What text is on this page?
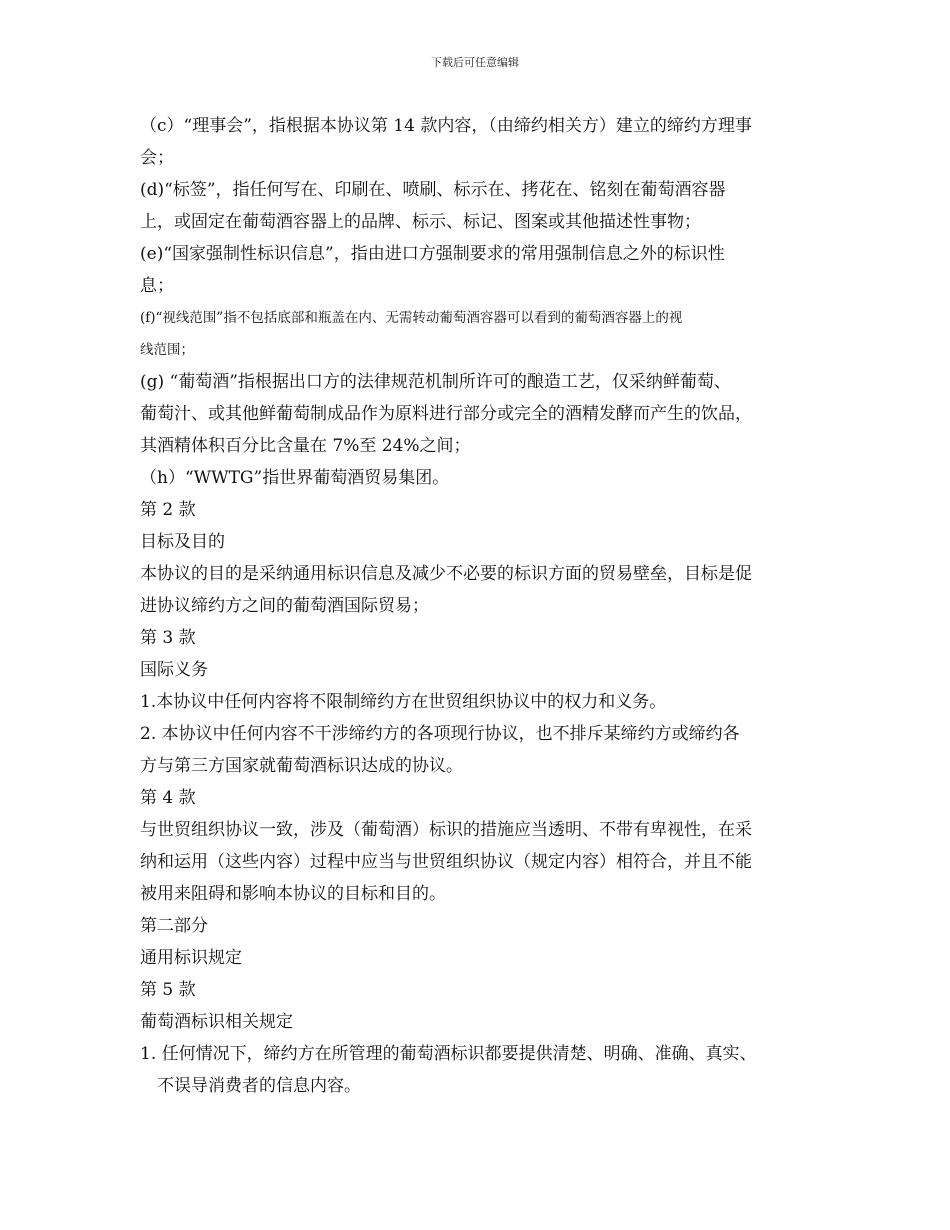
下载后可任意编辑

（c）“理事会”，指根据本协议第 14 款内容，（由缔约相关方）建立的缔约方理事

会；

(d)“标签”，指任何写在、印刷在、喷刷、标示在、拷花在、铭刻在葡萄酒容器

上，或固定在葡萄酒容器上的品牌、标示、标记、图案或其他描述性事物；

(e)“国家强制性标识信息”，指由进口方强制要求的常用强制信息之外的标识性

息；

(f)“视线范围”指不包括底部和瓶盖在内、无需转动葡萄酒容器可以看到的葡萄酒容器上的视

线范围；

(g) “葡萄酒”指根据出口方的法律规范机制所许可的酿造工艺，仅采纳鲜葡萄、

葡萄汁、或其他鲜葡萄制成品作为原料进行部分或完全的酒精发酵而产生的饮品，

其酒精体积百分比含量在 7%至 24%之间；

（h）“WWTG”指世界葡萄酒贸易集团。

第 2 款

目标及目的

本协议的目的是采纳通用标识信息及减少不必要的标识方面的贸易壁垒，目标是促

进协议缔约方之间的葡萄酒国际贸易；

第 3 款

国际义务

1.本协议中任何内容将不限制缔约方在世贸组织协议中的权力和义务。

2. 本协议中任何内容不干涉缔约方的各项现行协议，也不排斥某缔约方或缔约各

方与第三方国家就葡萄酒标识达成的协议。

第 4 款

与世贸组织协议一致，涉及（葡萄酒）标识的措施应当透明、不带有卑视性，在采

纳和运用（这些内容）过程中应当与世贸组织协议（规定内容）相符合，并且不能

被用来阻碍和影响本协议的目标和目的。

第二部分

通用标识规定

第 5 款

葡萄酒标识相关规定

1. 任何情况下，缔约方在所管理的葡萄酒标识都要提供清楚、明确、准确、真实、

不误导消费者的信息内容。
